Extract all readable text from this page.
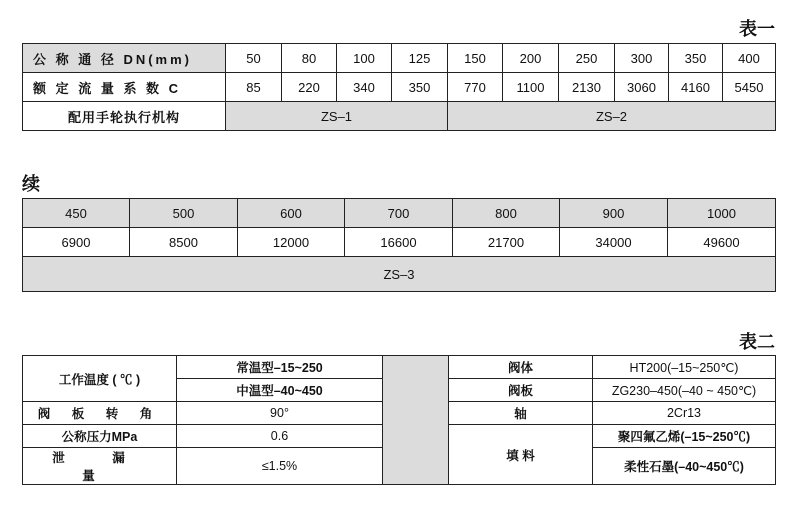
表一
公 称 通 径 DN(mm)	50	80	100	125	150	200	250	300	350	400
额 定 流 量 系 数 C	85	220	340	350	770	1100	2130	3060	4160	5450
配用手轮执行机构	ZS–1				ZS–2					
续
450	500	600	700	800	900	1000
6900	8500	12000	16600	21700	34000	49600
ZS–3						
表二
工作温度 ( ℃ )	常温型–15~250		阀体	HT200(–15~250℃)
	中温型–40~450		阀板	ZG230–450(–40 ~ 450℃)
阀 板 转 角	90°		轴	2Cr13
公称压力MPa	0.6		填 料	聚四氟乙烯(–15~250℃)
泄 漏 量	≤1.5%			柔性石墨(–40~450℃)
